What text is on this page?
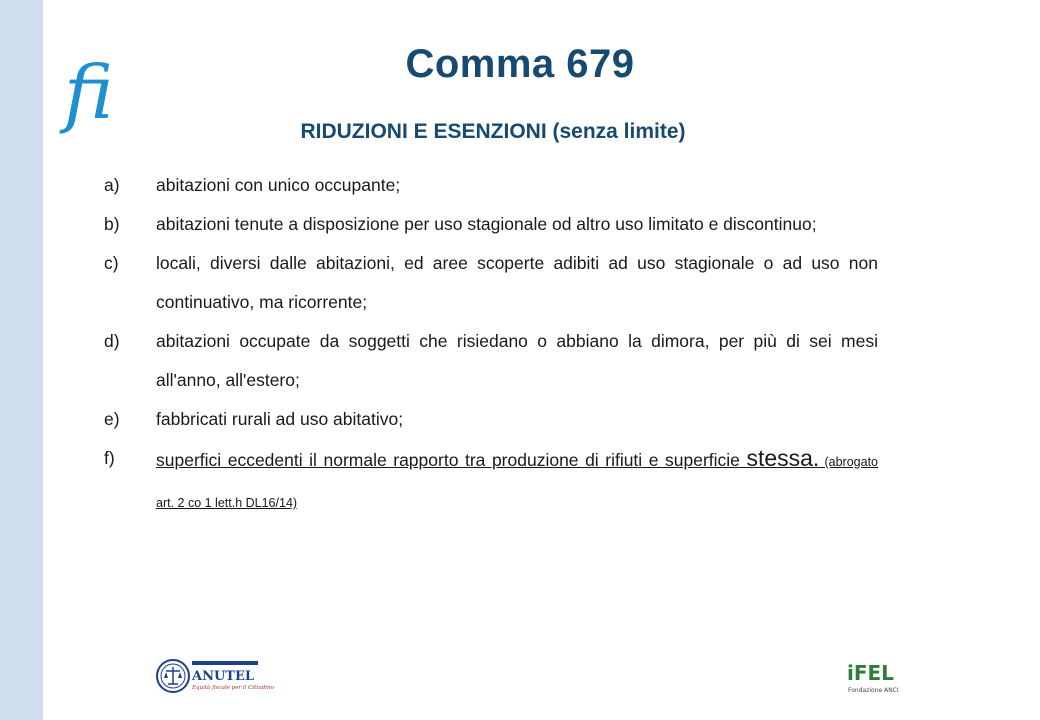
fi	Comma 679
RIDUZIONI E ESENZIONI (senza limite)
a)	abitazioni con unico occupante;
b)	abitazioni tenute a disposizione per uso stagionale od altro uso limitato e discontinuo;
c)	locali, diversi dalle abitazioni, ed aree scoperte adibiti ad uso stagionale o ad uso non continuativo, ma ricorrente;
d)	abitazioni occupate da soggetti che risiedano o abbiano la dimora, per più di sei mesi all'anno, all'estero;
e)	fabbricati rurali ad uso abitativo;
f)	superfici eccedenti il normale rapporto tra produzione di rifiuti e superficie stessa. (abrogato art. 2 co 1 lett.h DL16/14)
ANUTEL
Equità fiscale per il Cittadino
iFEL
Fondazione ANCI
